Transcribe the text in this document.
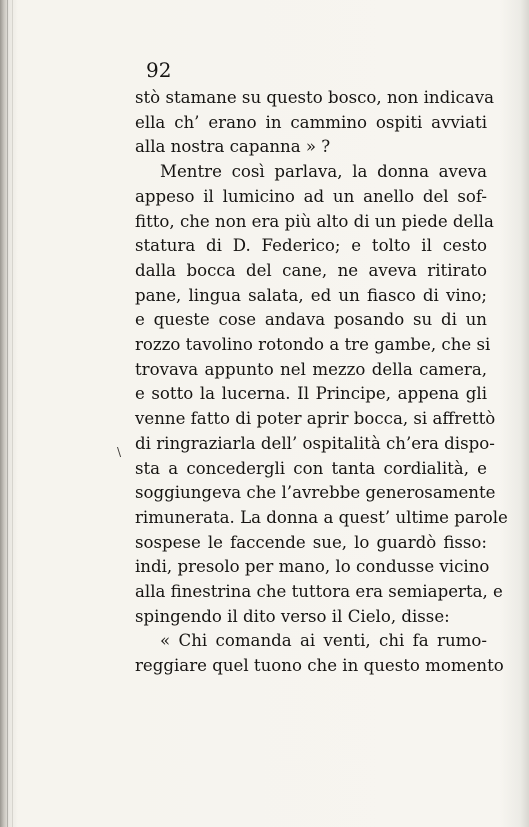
92
stò stamane su questo bosco, non indicava
ella ch’ erano in cammino ospiti avviati
alla nostra capanna » ?
Mentre così parlava, la donna aveva
appeso il lumicino ad un anello del sof-
fitto, che non era più alto di un piede della
statura di D. Federico; e tolto il cesto
dalla bocca del cane, ne aveva ritirato
pane, lingua salata, ed un fiasco di vino;
e queste cose andava posando su di un
rozzo tavolino rotondo a tre gambe, che si
trovava appunto nel mezzo della camera,
e sotto la lucerna. Il Principe, appena gli
venne fatto di poter aprir bocca, si affrettò
di ringraziarla dell’ ospitalità ch’era dispo-
sta a concedergli con tanta cordialità, e
soggiungeva che l’avrebbe generosamente
rimunerata. La donna a quest’ ultime parole
sospese le faccende sue, lo guardò fisso:
indi, presolo per mano, lo condusse vicino
alla finestrina che tuttora era semiaperta, e
spingendo il dito verso il Cielo, disse:
« Chi comanda ai venti, chi fa rumo-
reggiare quel tuono che in questo momento
\
